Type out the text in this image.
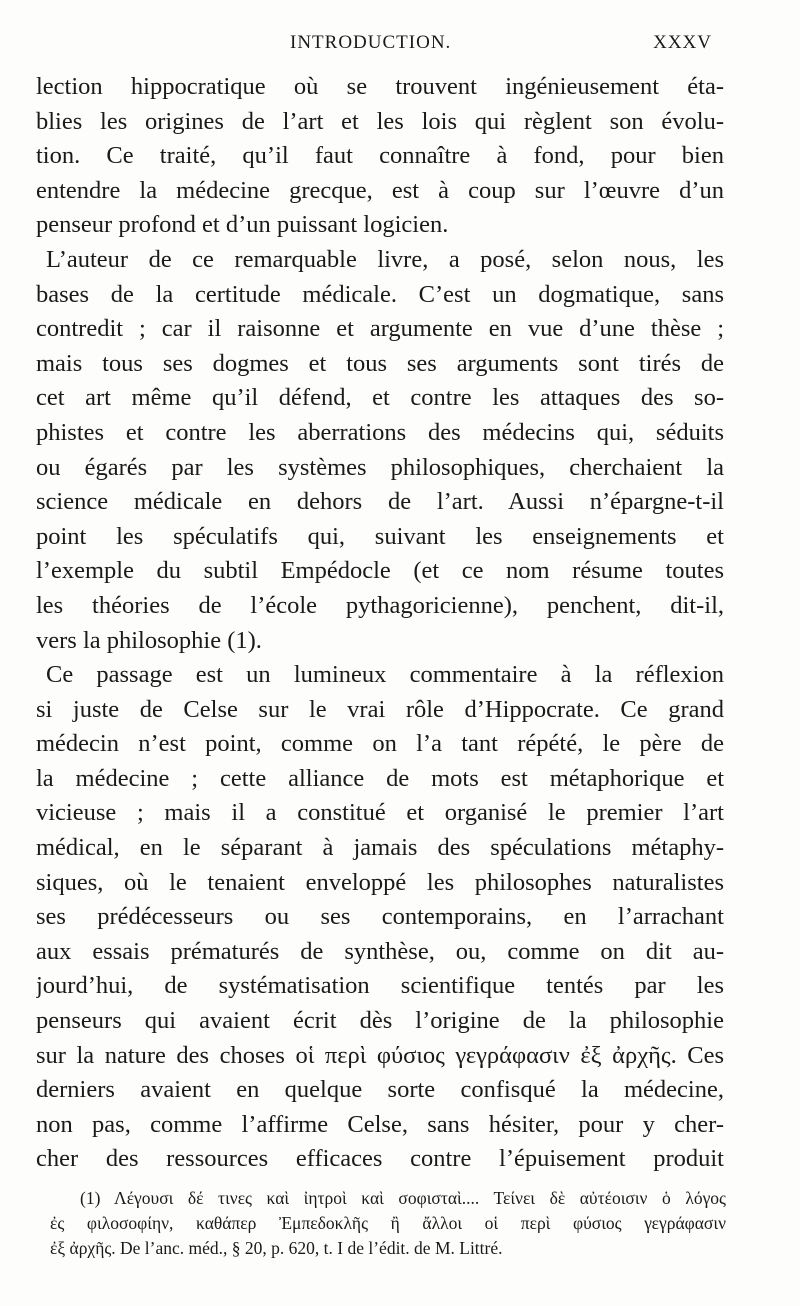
INTRODUCTION.	XXXV
lection hippocratique où se trouvent ingénieusement éta-
blies les origines de l’art et les lois qui règlent son évolu-
tion. Ce traité, qu’il faut connaître à fond, pour bien
entendre la médecine grecque, est à coup sur l’œuvre d’un
penseur profond et d’un puissant logicien.
L’auteur de ce remarquable livre, a posé, selon nous, les
bases de la certitude médicale. C’est un dogmatique, sans
contredit ; car il raisonne et argumente en vue d’une thèse ;
mais tous ses dogmes et tous ses arguments sont tirés de
cet art même qu’il défend, et contre les attaques des so-
phistes et contre les aberrations des médecins qui, séduits
ou égarés par les systèmes philosophiques, cherchaient la
science médicale en dehors de l’art. Aussi n’épargne-t-il
point les spéculatifs qui, suivant les enseignements et
l’exemple du subtil Empédocle (et ce nom résume toutes
les théories de l’école pythagoricienne), penchent, dit-il,
vers la philosophie (1).
Ce passage est un lumineux commentaire à la réflexion
si juste de Celse sur le vrai rôle d’Hippocrate. Ce grand
médecin n’est point, comme on l’a tant répété, le père de
la médecine ; cette alliance de mots est métaphorique et
vicieuse ; mais il a constitué et organisé le premier l’art
médical, en le séparant à jamais des spéculations métaphy-
siques, où le tenaient enveloppé les philosophes naturalistes
ses prédécesseurs ou ses contemporains, en l’arrachant
aux essais prématurés de synthèse, ou, comme on dit au-
jourd’hui, de systématisation scientifique tentés par les
penseurs qui avaient écrit dès l’origine de la philosophie
sur la nature des choses οἱ περὶ φύσιος γεγράφασιν ἐξ ἀρχῆς. Ces
derniers avaient en quelque sorte confisqué la médecine,
non pas, comme l’affirme Celse, sans hésiter, pour y cher-
cher des ressources efficaces contre l’épuisement produit
(1) Λέγουσι δέ τινες καὶ ἰητροὶ καὶ σοφισταὶ.... Τείνει δὲ αὐτέοισιν ὁ λόγος
ἐς φιλοσοφίην, καθάπερ Ἐμπεδοκλῆς ἢ ἄλλοι οἱ περὶ φύσιος γεγράφασιν
ἐξ ἀρχῆς. De l’anc. méd., § 20, p. 620, t. I de l’édit. de M. Littré.
